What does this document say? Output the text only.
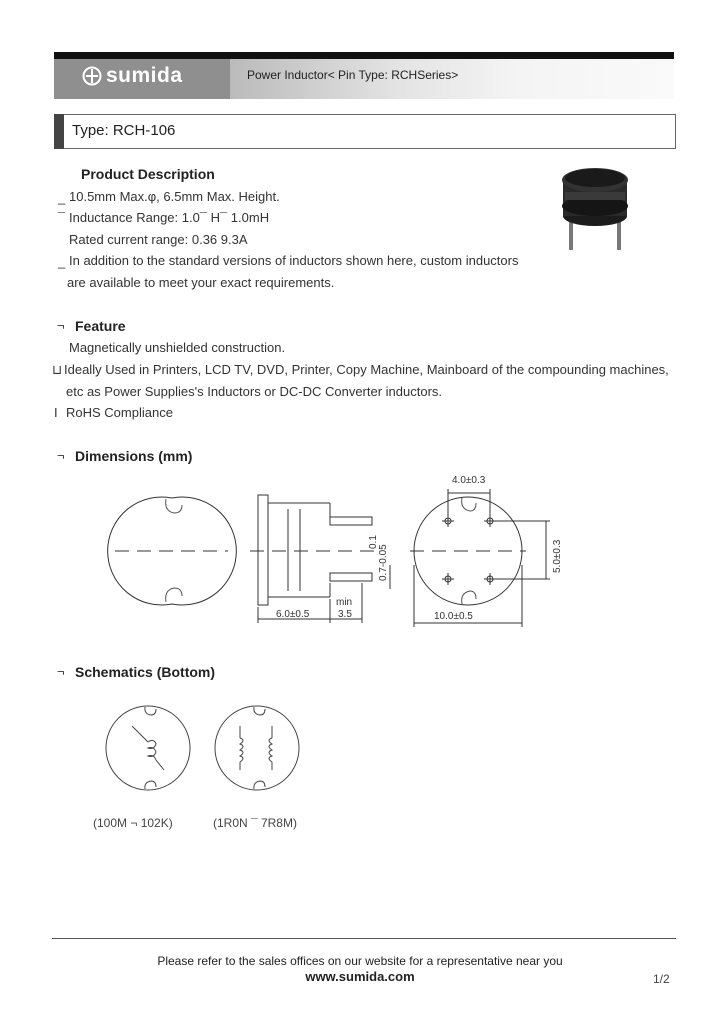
sumida	Power Inductor< Pin Type: RCHSeries>
Type: RCH-106
Product Description
_ 10.5mm Max.φ, 6.5mm Max. Height.
¯ Inductance Range: 1.0¯ H¯ 1.0mH
Rated current range: 0.36 9.3A
_ In addition to the standard versions of inductors shown here, custom inductors
are available to meet your exact requirements.
¬ Feature
Magnetically unshielded construction.
⊔ Ideally Used in Printers, LCD TV, DVD, Printer, Copy Machine, Mainboard of the compounding machines,
etc as Power Supplies's Inductors or DC-DC Converter inductors.
I RoHS Compliance
¬ Dimensions (mm)
6.0±0.5	3.5
min
0.7-0.05
0.1
4.0±0.3
5.0±0.3
10.0±0.5
¬ Schematics (Bottom)
(100M ¬ 102K)	(1R0N ¯ 7R8M)
Please refer to the sales offices on our website for a representative near you
www.sumida.com	1/2
